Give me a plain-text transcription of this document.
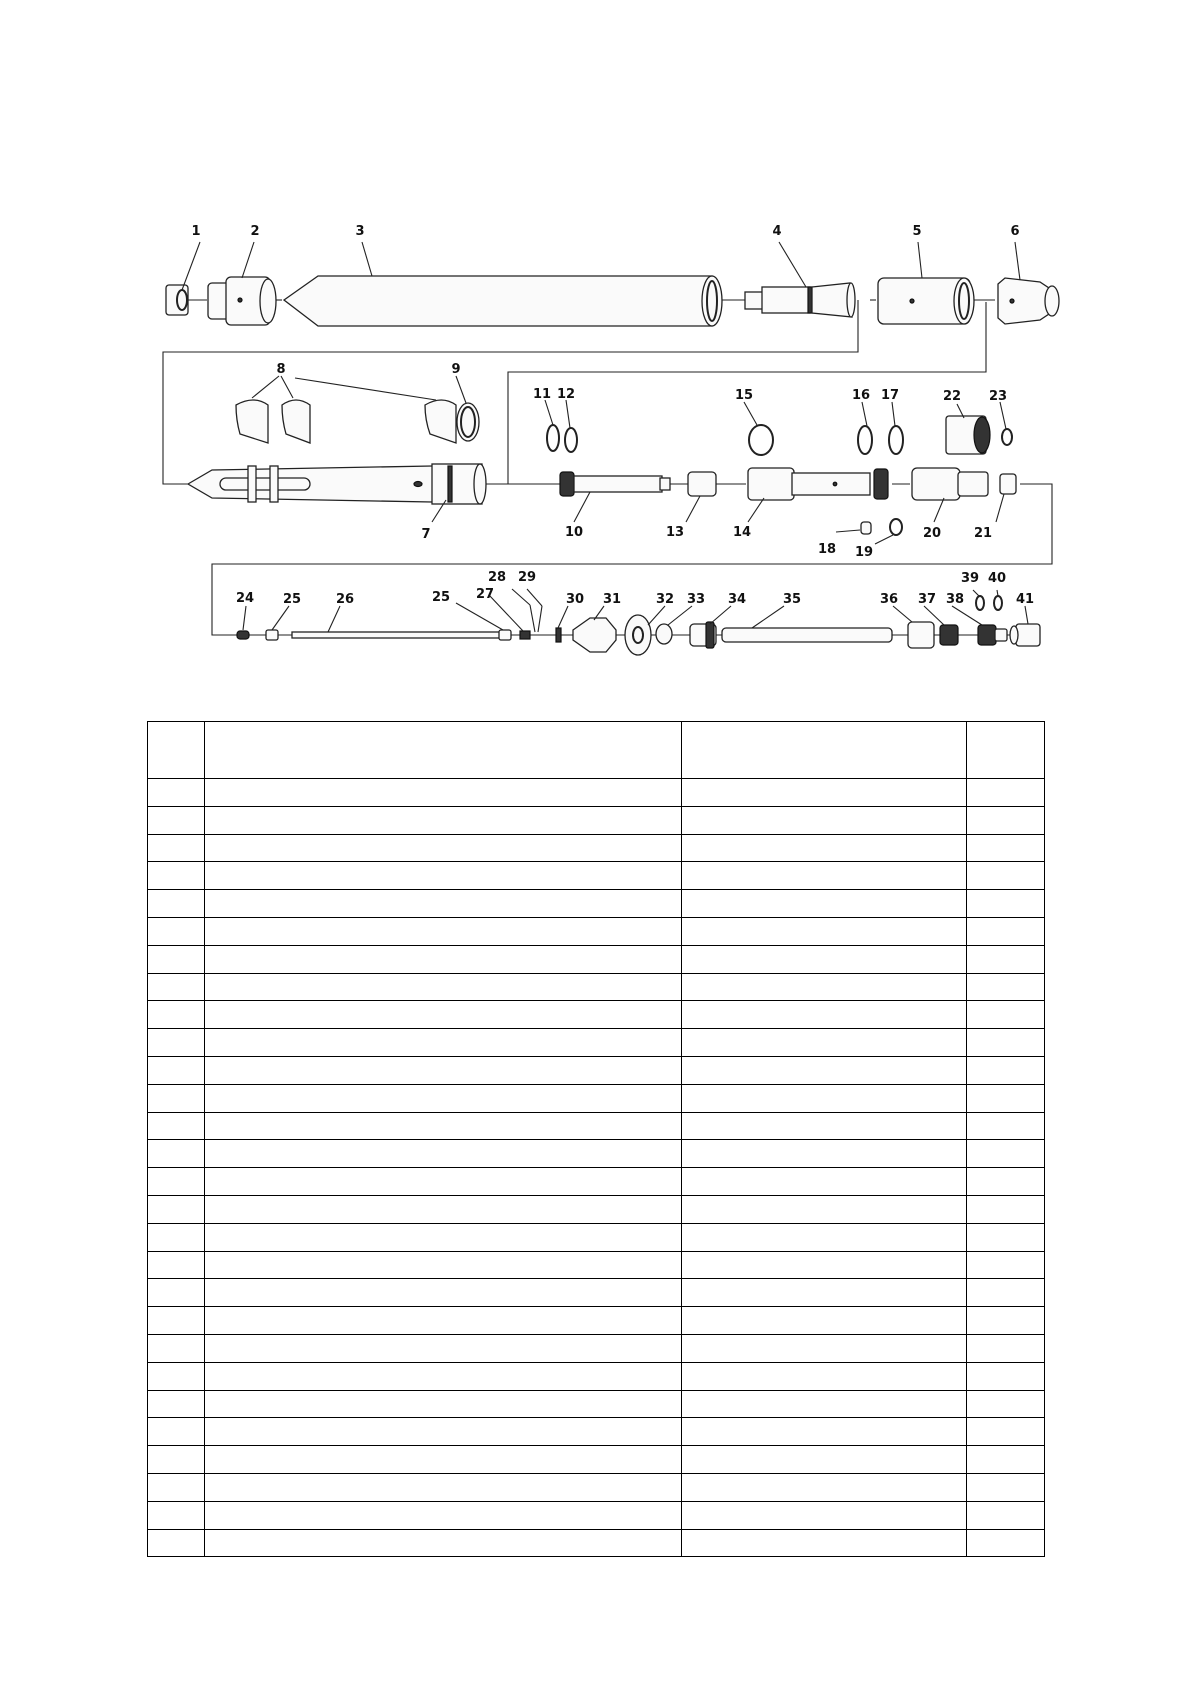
1	2	3	4	5	6
7
8	9
10
11 12
13	14
15	16 17
18 19
20	21
22 23
24 25	26	25 27
28 29
30 31	32 33 34	35	36 37 38
39 40
41
